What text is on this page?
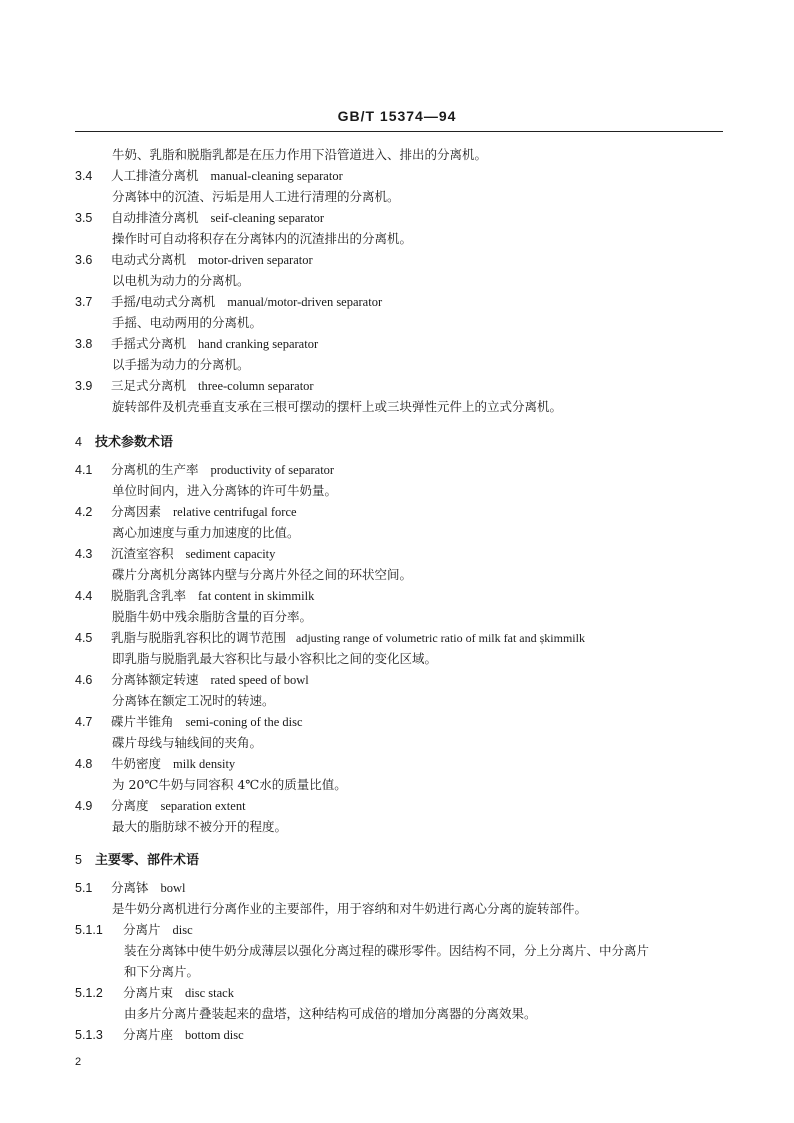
GB/T 15374—94
牛奶、乳脂和脱脂乳都是在压力作用下沿管道进入、排出的分离机。
3.4 人工排渣分离机 manual-cleaning separator
分离钵中的沉渣、污垢是用人工进行清理的分离机。
3.5 自动排渣分离机 seif-cleaning separator
操作时可自动将积存在分离钵内的沉渣排出的分离机。
3.6 电动式分离机 motor-driven separator
以电机为动力的分离机。
3.7 手摇/电动式分离机 manual/motor-driven separator
手摇、电动两用的分离机。
3.8 手摇式分离机 hand cranking separator
以手摇为动力的分离机。
3.9 三足式分离机 three-column separator
旋转部件及机壳垂直支承在三根可摆动的摆杆上或三块弹性元件上的立式分离机。
4 技术参数术语
4.1 分离机的生产率 productivity of separator
单位时间内，进入分离钵的许可牛奶量。
4.2 分离因素 relative centrifugal force
离心加速度与重力加速度的比值。
4.3 沉渣室容积 sediment capacity
碟片分离机分离钵内壁与分离片外径之间的环状空间。
4.4 脱脂乳含乳率 fat content in skimmilk
脱脂牛奶中残余脂肪含量的百分率。
4.5 乳脂与脱脂乳容积比的调节范围 adjusting range of volumetric ratio of milk fat and șkimmilk
即乳脂与脱脂乳最大容积比与最小容积比之间的变化区域。
4.6 分离钵额定转速 rated speed of bowl
分离钵在额定工况时的转速。
4.7 碟片半锥角 semi-coning of the disc
碟片母线与轴线间的夹角。
4.8 牛奶密度 milk density
为 20℃牛奶与同容积 4℃水的质量比值。
4.9 分离度 separation extent
最大的脂肪球不被分开的程度。
5 主要零、部件术语
5.1 分离钵 bowl
是牛奶分离机进行分离作业的主要部件，用于容纳和对牛奶进行离心分离的旋转部件。
5.1.1 分离片 disc
装在分离钵中使牛奶分成薄层以强化分离过程的碟形零件。因结构不同，分上分离片、中分离片
和下分离片。
5.1.2 分离片束 disc stack
由多片分离片叠装起来的盘塔，这种结构可成倍的增加分离器的分离效果。
5.1.3 分离片座 bottom disc
2
